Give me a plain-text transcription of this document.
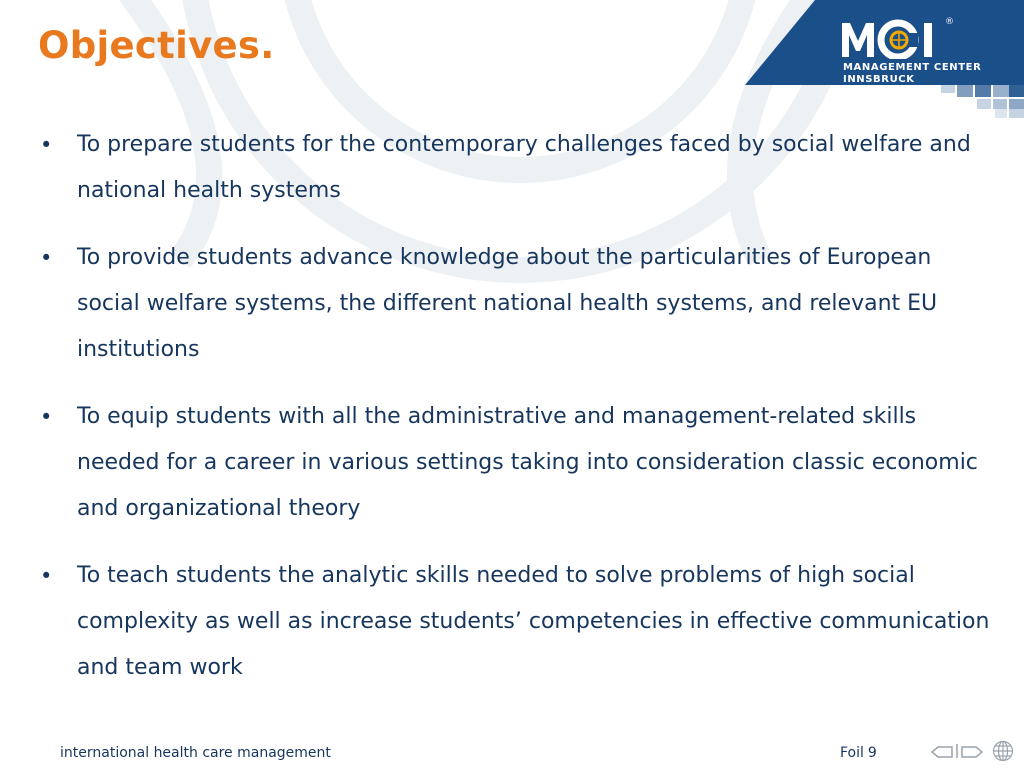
®
MANAGEMENT CENTER
INNSBRUCK
Objectives.
• To prepare students for the contemporary challenges faced by social welfare and national health systems
• To provide students advance knowledge about the particularities of European social welfare systems, the different national health systems, and relevant EU institutions
• To equip students with all the administrative and management-related skills needed for a career in various settings taking into consideration classic economic and organizational theory
• To teach students the analytic skills needed to solve problems of high social complexity as well as increase students’ competencies in effective communication and team work
international health care management	Foil 9
